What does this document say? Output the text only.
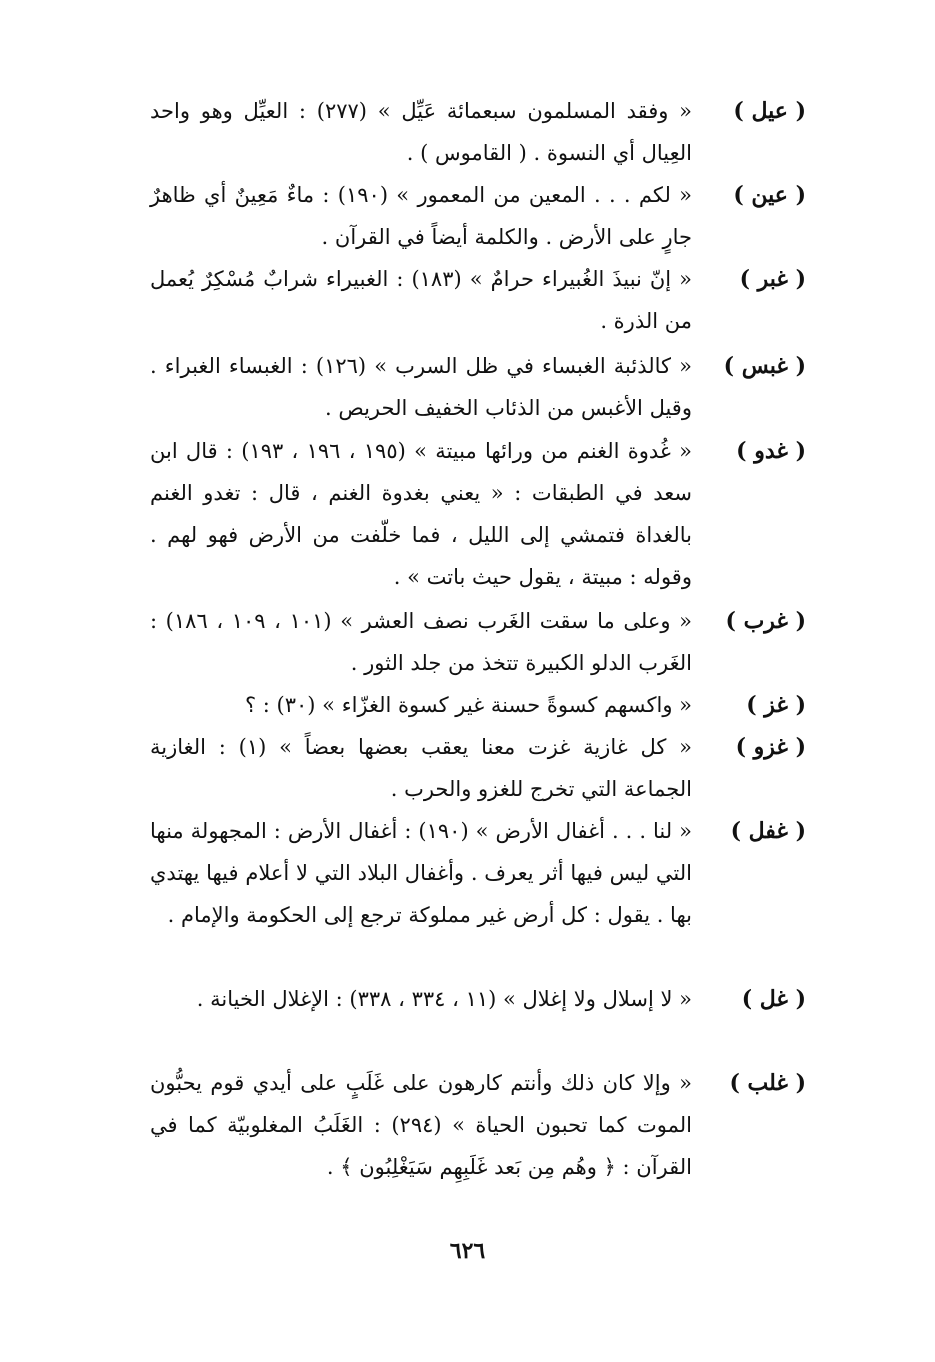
( عيل )
« وفقد المسلمون سبعمائة عَيِّل » (٢٧٧) : العيِّل وهو واحد العِيال أي النسوة . ( القاموس ) .
( عين )
« لكم . . . المعين من المعمور » (١٩٠) : ماءٌ مَعِينٌ أي ظاهرٌ جارٍ على الأرض . والكلمة أيضاً في القرآن .
( غبر )
« إنّ نبيذَ الغُبيراء حرامٌ » (١٨٣) : الغبيراء شرابٌ مُسْكِرٌ يُعمل من الذرة .
( غبس )
« كالذئبة الغبساء في ظل السرب » (١٢٦) : الغبساء الغبراء . وقيل الأغبس من الذئاب الخفيف الحريص .
( غدو )
« غُدوة الغنم من ورائها مبيتة » (١٩٥ ، ١٩٦ ، ١٩٣) : قال ابن سعد في الطبقات : « يعني بغدوة الغنم ، قال : تغدو الغنم بالغداة فتمشي إلى الليل ، فما خلّفت من الأرض فهو لهم . وقوله : مبيتة ، يقول حيث باتت » .
( غرب )
« وعلى ما سقت الغَرب نصف العشر » (١٠١ ، ١٠٩ ، ١٨٦) : الغَرب الدلو الكبيرة تتخذ من جلد الثور .
( غز )
« واكسهم كسوةً حسنة غير كسوة الغزّاء » (٣٠) : ؟
( غزو )
« كل غازية غزت معنا يعقب بعضها بعضاً » (١) : الغازية الجماعة التي تخرج للغزو والحرب .
( غفل )
« لنا . . . أغفال الأرض » (١٩٠) : أغفال الأرض : المجهولة منها التي ليس فيها أثر يعرف . وأغفال البلاد التي لا أعلام فيها يهتدي بها . يقول : كل أرض غير مملوكة ترجع إلى الحكومة والإمام .
( غل )
« لا إسلال ولا إغلال » (١١ ، ٣٣٤ ، ٣٣٨) : الإغلال الخيانة .
( غلب )
« وإلا كان ذلك وأنتم كارهون على غَلَبٍ على أيدي قوم يحبُّون الموت كما تحبون الحياة » (٢٩٤) : الغَلَبُ المغلوبيّة كما في القرآن : ﴿ وهُم مِن بَعد غَلَبِهِم سَيَغْلِبُون ﴾ .
٦٢٦
